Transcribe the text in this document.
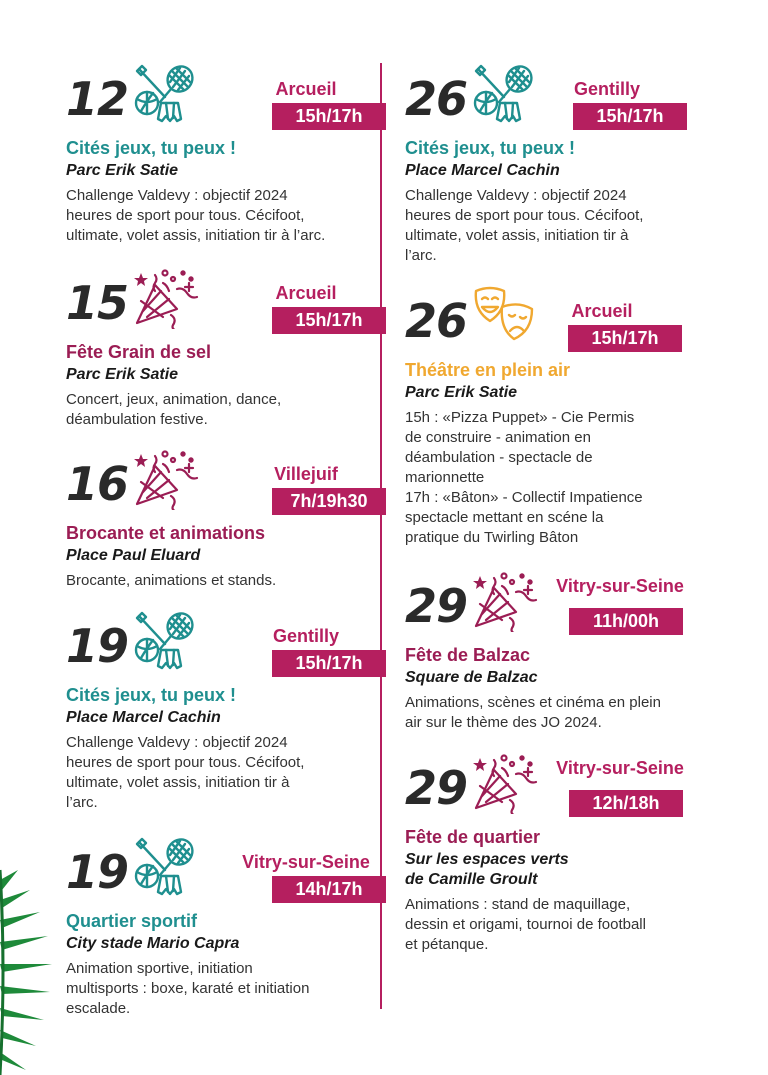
12	Arcueil
15h/17h
Cités jeux, tu peux !
Parc Erik Satie
Challenge Valdevy : objectif 2024
heures de sport pour tous. Cécifoot,
ultimate, volet assis, initiation tir à l’arc.
15	Arcueil
15h/17h
Fête Grain de sel
Parc Erik Satie
Concert, jeux, animation, dance,
déambulation festive.
16	Villejuif
7h/19h30
Brocante et animations
Place Paul Eluard
Brocante, animations et stands.
19	Gentilly
15h/17h
Cités jeux, tu peux !
Place Marcel Cachin
Challenge Valdevy : objectif 2024
heures de sport pour tous. Cécifoot,
ultimate, volet assis, initiation tir à
l’arc.
19	Vitry-sur-Seine
14h/17h
Quartier sportif
City stade Mario Capra
Animation sportive, initiation
multisports : boxe, karaté et initiation
escalade.
26	Gentilly
15h/17h
Cités jeux, tu peux !
Place Marcel Cachin
Challenge Valdevy : objectif 2024
heures de sport pour tous. Cécifoot,
ultimate, volet assis, initiation tir à
l’arc.
26	Arcueil
15h/17h
Théâtre en plein air
Parc Erik Satie
15h : «Pizza Puppet» - Cie Permis
de construire - animation en
déambulation - spectacle de
marionnette
17h : «Bâton» - Collectif Impatience
spectacle mettant en scéne la
pratique du Twirling Bâton
29	Vitry-sur-Seine
11h/00h
Fête de Balzac
Square de Balzac
Animations, scènes et cinéma en plein
air sur le thème des JO 2024.
29	Vitry-sur-Seine
12h/18h
Fête de quartier
Sur les espaces verts
de Camille Groult
Animations : stand de maquillage,
dessin et origami, tournoi de football
et pétanque.
